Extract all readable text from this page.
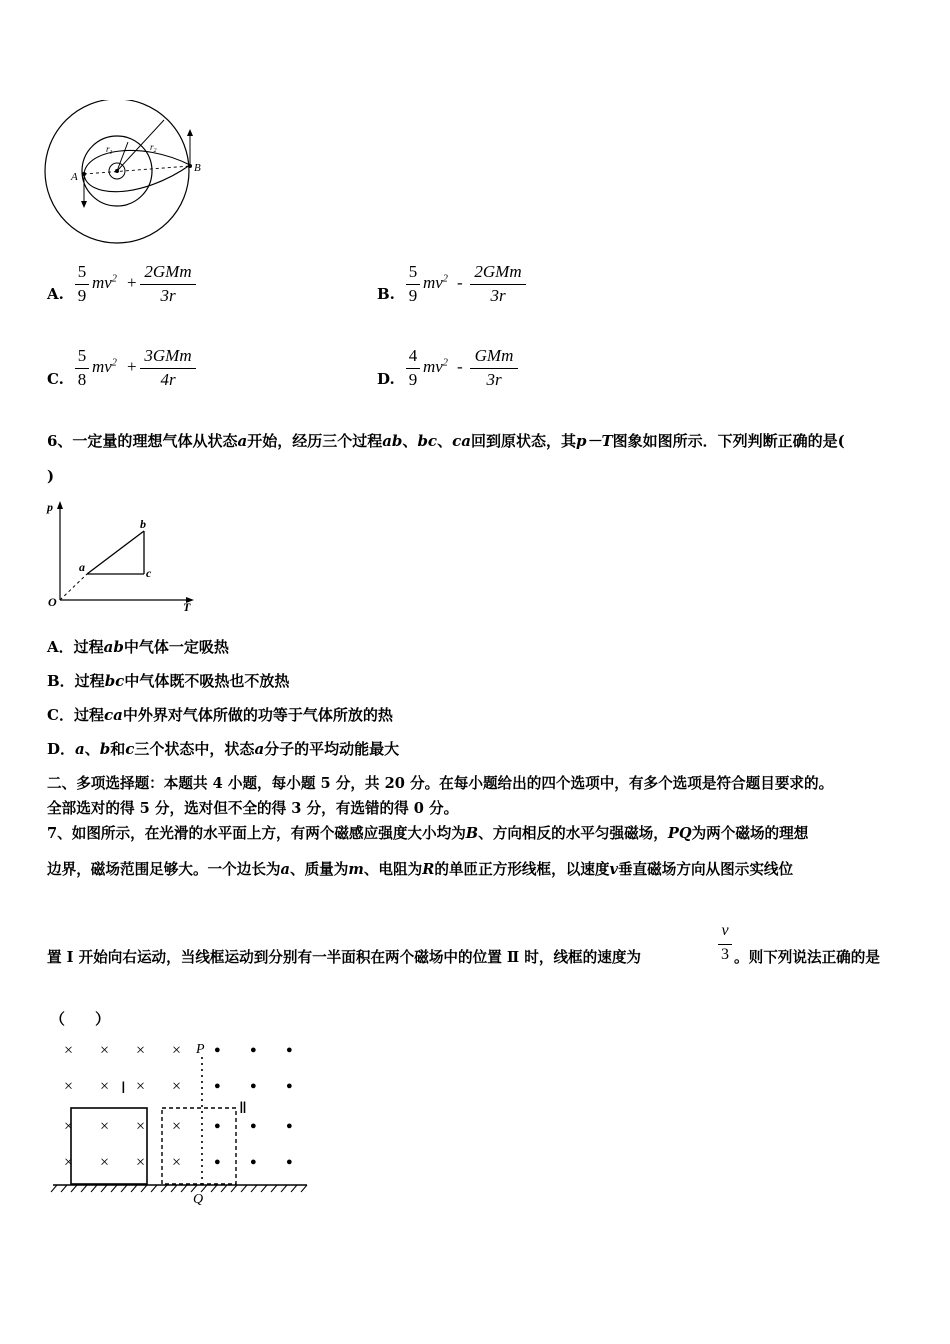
A
B
$r_1$
$r_2$
A.
5
9
$mv^2$ +
2GMm
3r	B.
5
9
$mv^2$ -
2GMm
3r
C.
5
8
$mv^2$ +
3GMm
4r	D.
4
9
$mv^2$ -
GMm
3r
6、一定量的理想气体从状态a开始，经历三个过程ab、bc、ca回到原状态，其p－T图象如图所示．下列判断正确的是(
)
p
T
O
a
b
c
A．过程ab中气体一定吸热
B．过程bc中气体既不吸热也不放热
C．过程ca中外界对气体所做的功等于气体所放的热
D．a、b和c三个状态中，状态a分子的平均动能最大
二、多项选择题：本题共 4 小题，每小题 5 分，共 20 分。在每小题给出的四个选项中，有多个选项是符合题目要求的。
全部选对的得 5 分，选对但不全的得 3 分，有选错的得 0 分。
7、如图所示，在光滑的水平面上方，有两个磁感应强度大小均为B、方向相反的水平匀强磁场，PQ为两个磁场的理想
边界，磁场范围足够大。一个边长为a、质量为m、电阻为R的单匝正方形线框，以速度v垂直磁场方向从图示实线位
置 Ⅰ 开始向右运动，当线框运动到分别有一半面积在两个磁场中的位置 Ⅱ 时，线框的速度为
v
3 。则下列说法正确的是
（　　）
× × × ×
× × × ×
× × × ×
× × × ×
●	●	●
●	●	●
●	●	●
●	●	●
P
Q
Ⅰ
Ⅱ
